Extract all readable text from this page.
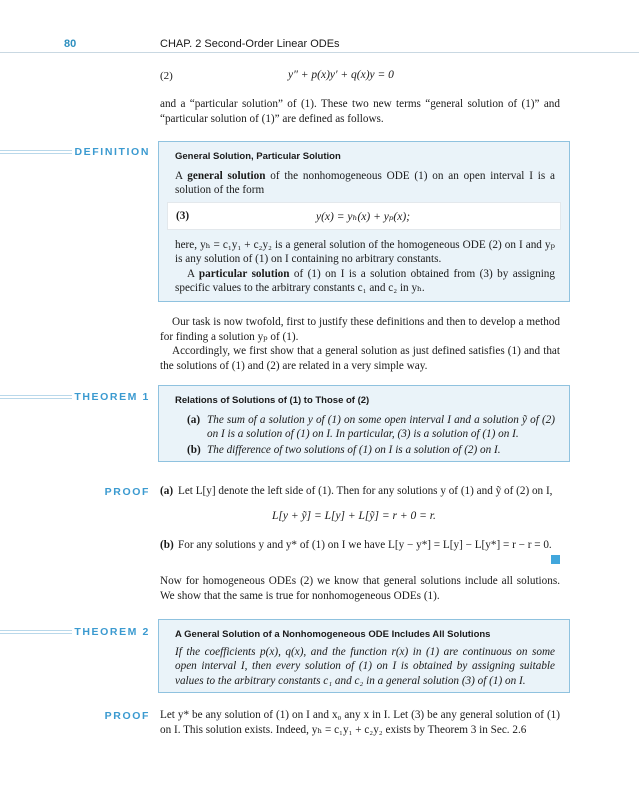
80	CHAP. 2 Second-Order Linear ODEs
(2)	y″ + p(x)y′ + q(x)y = 0
and a “particular solution” of (1). These two new terms “general solution of (1)” and “particular solution of (1)” are defined as follows.
DEFINITION	General Solution, Particular Solution
A general solution of the nonhomogeneous ODE (1) on an open interval I is a solution of the form
(3)	y(x) = yₕ(x) + yₚ(x);
here, yₕ = c₁y₁ + c₂y₂ is a general solution of the homogeneous ODE (2) on I and yₚ is any solution of (1) on I containing no arbitrary constants.
A particular solution of (1) on I is a solution obtained from (3) by assigning specific values to the arbitrary constants c₁ and c₂ in yₕ.
Our task is now twofold, first to justify these definitions and then to develop a method for finding a solution yₚ of (1).
Accordingly, we first show that a general solution as just defined satisfies (1) and that the solutions of (1) and (2) are related in a very simple way.
THEOREM 1	Relations of Solutions of (1) to Those of (2)
(a) The sum of a solution y of (1) on some open interval I and a solution ỹ of (2) on I is a solution of (1) on I. In particular, (3) is a solution of (1) on I.
(b) The difference of two solutions of (1) on I is a solution of (2) on I.
PROOF (a) Let L[y] denote the left side of (1). Then for any solutions y of (1) and ỹ of (2) on I,
L[y + ỹ] = L[y] + L[ỹ] = r + 0 = r.
(b) For any solutions y and y* of (1) on I we have L[y − y*] = L[y] − L[y*] = r − r = 0.
Now for homogeneous ODEs (2) we know that general solutions include all solutions. We show that the same is true for nonhomogeneous ODEs (1).
THEOREM 2	A General Solution of a Nonhomogeneous ODE Includes All Solutions
If the coefficients p(x), q(x), and the function r(x) in (1) are continuous on some open interval I, then every solution of (1) on I is obtained by assigning suitable values to the arbitrary constants c₁ and c₂ in a general solution (3) of (1) on I.
PROOF Let y* be any solution of (1) on I and x₀ any x in I. Let (3) be any general solution of (1) on I. This solution exists. Indeed, yₕ = c₁y₁ + c₂y₂ exists by Theorem 3 in Sec. 2.6
